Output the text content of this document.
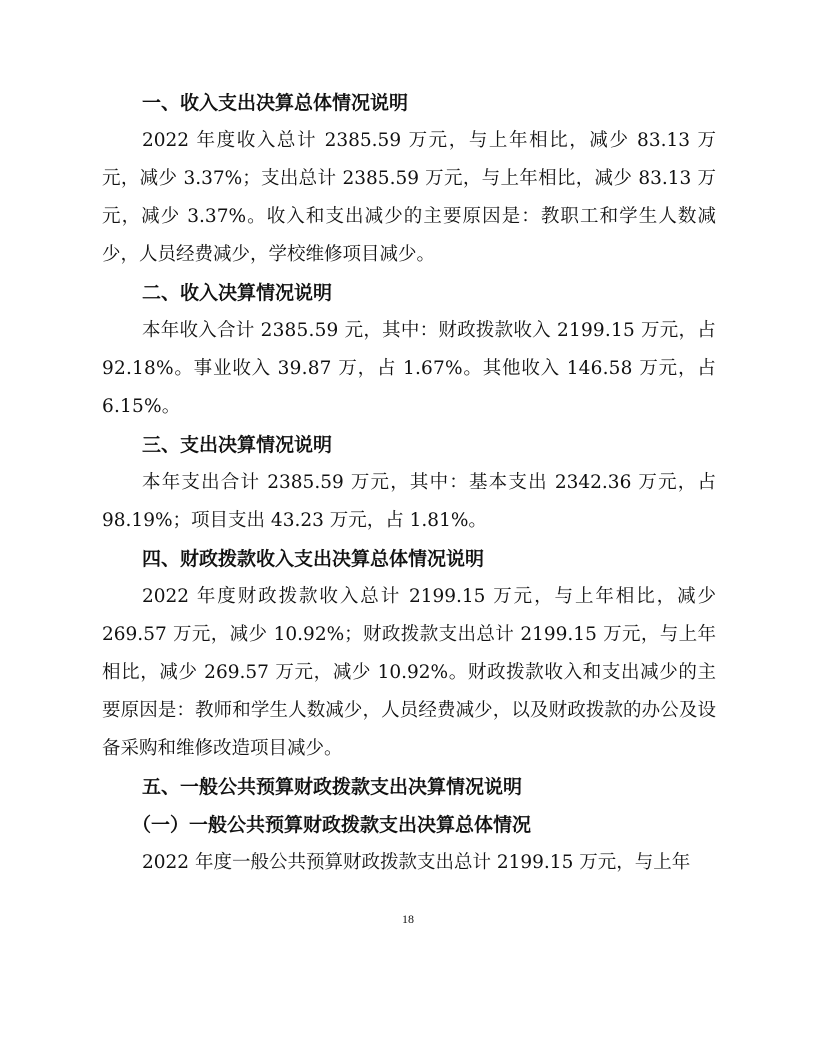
一、收入支出决算总体情况说明

2022 年度收入总计 2385.59 万元，与上年相比，减少 83.13 万元，减少 3.37%；支出总计 2385.59 万元，与上年相比，减少 83.13 万元，减少 3.37%。收入和支出减少的主要原因是：教职工和学生人数减少，人员经费减少，学校维修项目减少。

二、收入决算情况说明

本年收入合计 2385.59 元，其中：财政拨款收入 2199.15 万元，占 92.18%。事业收入 39.87 万，占 1.67%。其他收入 146.58 万元，占 6.15%。

三、支出决算情况说明

本年支出合计 2385.59 万元，其中：基本支出 2342.36 万元，占 98.19%；项目支出 43.23 万元，占 1.81%。

四、财政拨款收入支出决算总体情况说明

2022 年度财政拨款收入总计 2199.15 万元，与上年相比，减少 269.57 万元，减少 10.92%；财政拨款支出总计 2199.15 万元，与上年相比，减少 269.57 万元，减少 10.92%。财政拨款收入和支出减少的主要原因是：教师和学生人数减少，人员经费减少，以及财政拨款的办公及设备采购和维修改造项目减少。

五、一般公共预算财政拨款支出决算情况说明
（一）一般公共预算财政拨款支出决算总体情况

2022 年度一般公共预算财政拨款支出总计 2199.15 万元，与上年

18
